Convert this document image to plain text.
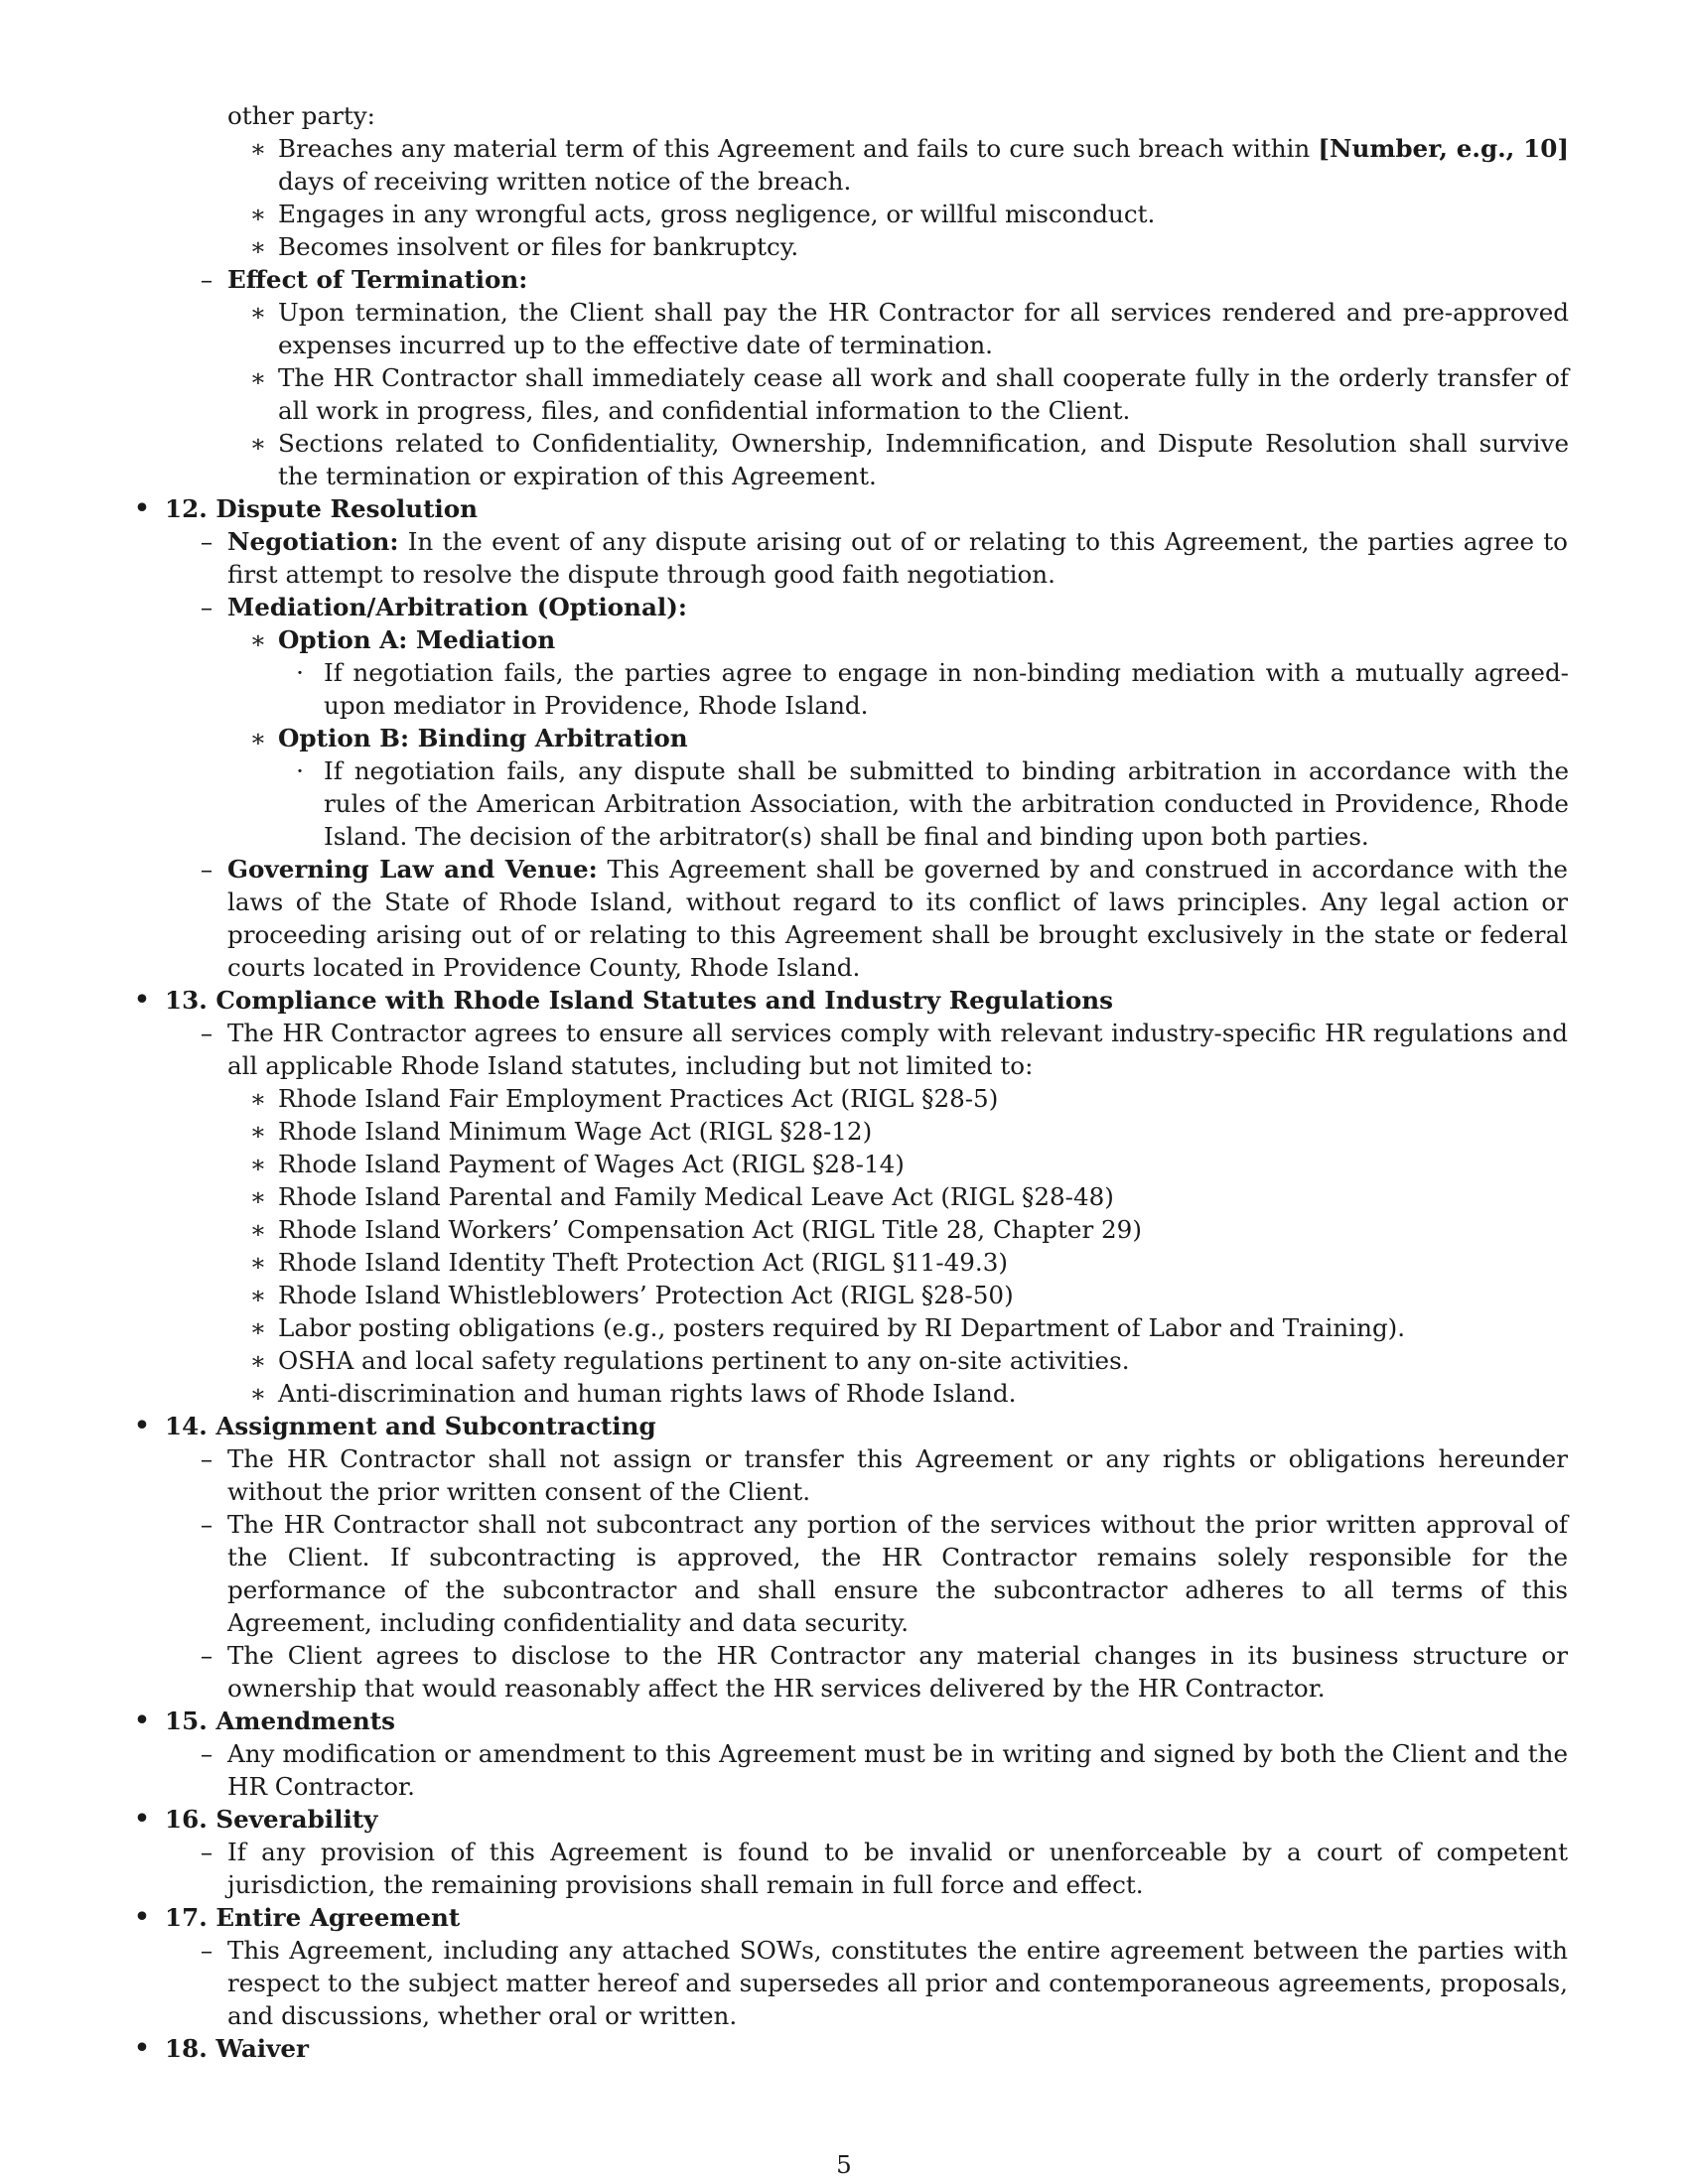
other party:
∗ Breaches any material term of this Agreement and fails to cure such breach within [Number, e.g., 10] days of receiving written notice of the breach.
∗ Engages in any wrongful acts, gross negligence, or willful misconduct.
∗ Becomes insolvent or files for bankruptcy.
– Effect of Termination:
∗ Upon termination, the Client shall pay the HR Contractor for all services rendered and pre-approved expenses incurred up to the effective date of termination.
∗ The HR Contractor shall immediately cease all work and shall cooperate fully in the orderly transfer of all work in progress, files, and confidential information to the Client.
∗ Sections related to Confidentiality, Ownership, Indemnification, and Dispute Resolution shall survive the termination or expiration of this Agreement.
• 12. Dispute Resolution
– Negotiation: In the event of any dispute arising out of or relating to this Agreement, the parties agree to first attempt to resolve the dispute through good faith negotiation.
– Mediation/Arbitration (Optional):
∗ Option A: Mediation
· If negotiation fails, the parties agree to engage in non-binding mediation with a mutually agreed-upon mediator in Providence, Rhode Island.
∗ Option B: Binding Arbitration
· If negotiation fails, any dispute shall be submitted to binding arbitration in accordance with the rules of the American Arbitration Association, with the arbitration conducted in Providence, Rhode Island. The decision of the arbitrator(s) shall be final and binding upon both parties.
– Governing Law and Venue: This Agreement shall be governed by and construed in accordance with the laws of the State of Rhode Island, without regard to its conflict of laws principles. Any legal action or proceeding arising out of or relating to this Agreement shall be brought exclusively in the state or federal courts located in Providence County, Rhode Island.
• 13. Compliance with Rhode Island Statutes and Industry Regulations
– The HR Contractor agrees to ensure all services comply with relevant industry-specific HR regulations and all applicable Rhode Island statutes, including but not limited to:
∗ Rhode Island Fair Employment Practices Act (RIGL §28-5)
∗ Rhode Island Minimum Wage Act (RIGL §28-12)
∗ Rhode Island Payment of Wages Act (RIGL §28-14)
∗ Rhode Island Parental and Family Medical Leave Act (RIGL §28-48)
∗ Rhode Island Workers’ Compensation Act (RIGL Title 28, Chapter 29)
∗ Rhode Island Identity Theft Protection Act (RIGL §11-49.3)
∗ Rhode Island Whistleblowers’ Protection Act (RIGL §28-50)
∗ Labor posting obligations (e.g., posters required by RI Department of Labor and Training).
∗ OSHA and local safety regulations pertinent to any on-site activities.
∗ Anti-discrimination and human rights laws of Rhode Island.
• 14. Assignment and Subcontracting
– The HR Contractor shall not assign or transfer this Agreement or any rights or obligations hereunder without the prior written consent of the Client.
– The HR Contractor shall not subcontract any portion of the services without the prior written approval of the Client. If subcontracting is approved, the HR Contractor remains solely responsible for the performance of the subcontractor and shall ensure the subcontractor adheres to all terms of this Agreement, including confidentiality and data security.
– The Client agrees to disclose to the HR Contractor any material changes in its business structure or ownership that would reasonably affect the HR services delivered by the HR Contractor.
• 15. Amendments
– Any modification or amendment to this Agreement must be in writing and signed by both the Client and the HR Contractor.
• 16. Severability
– If any provision of this Agreement is found to be invalid or unenforceable by a court of competent jurisdiction, the remaining provisions shall remain in full force and effect.
• 17. Entire Agreement
– This Agreement, including any attached SOWs, constitutes the entire agreement between the parties with respect to the subject matter hereof and supersedes all prior and contemporaneous agreements, proposals, and discussions, whether oral or written.
• 18. Waiver
5
